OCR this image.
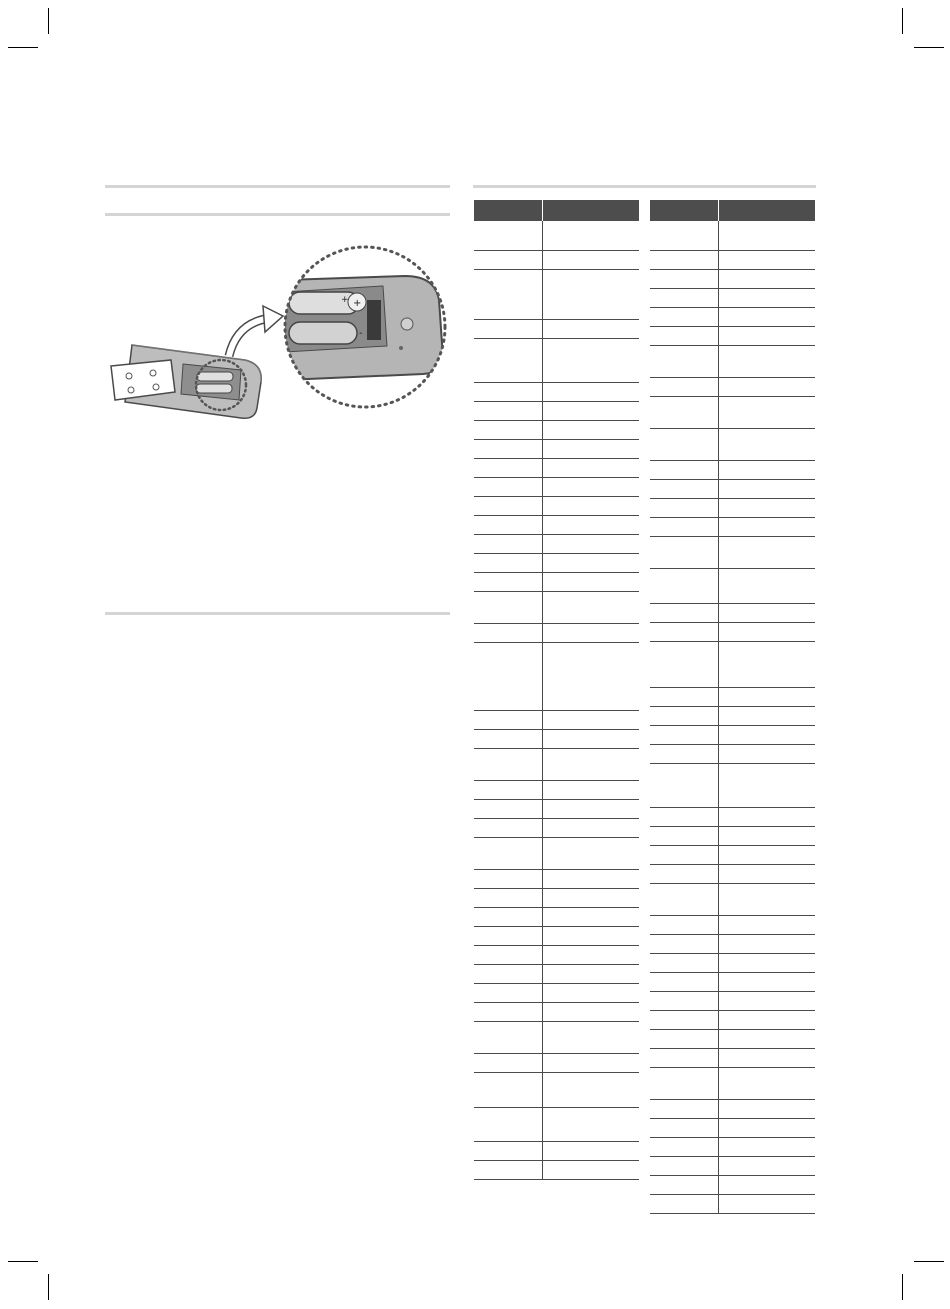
+
+
-
